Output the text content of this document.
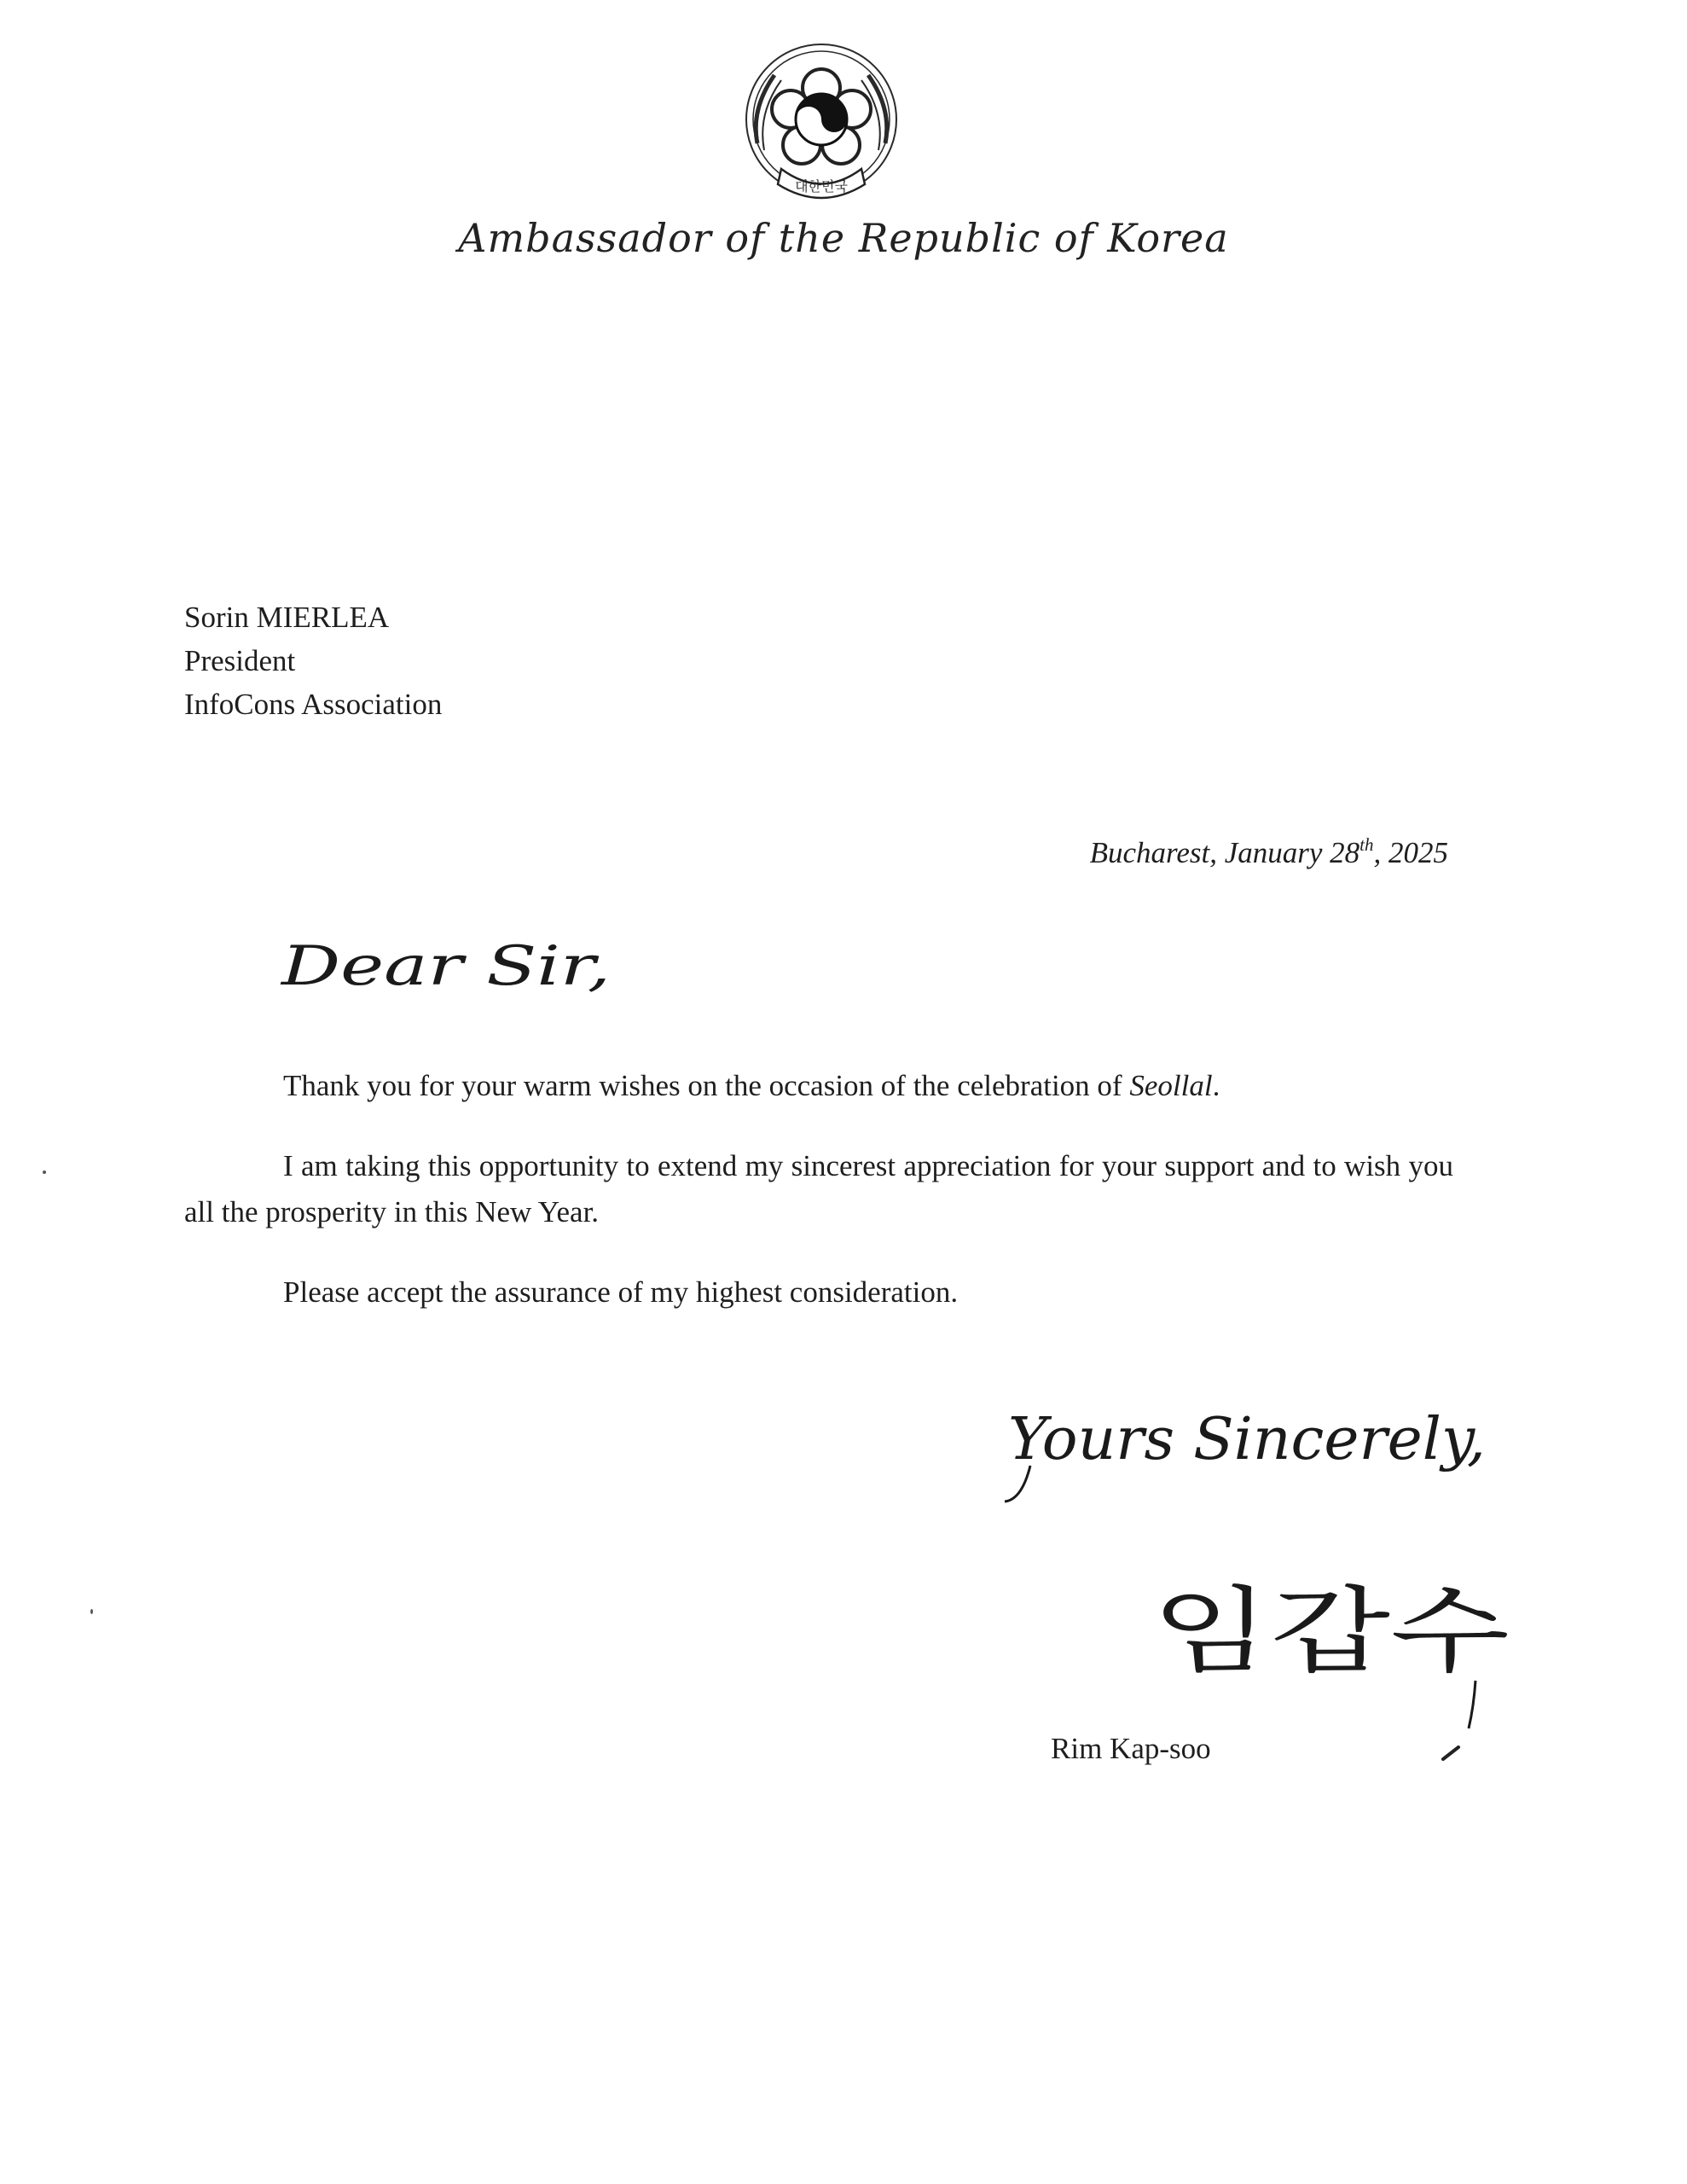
대한민국
Ambassador of the Republic of Korea
Sorin MIERLEA
President
InfoCons Association
Bucharest, January 28th, 2025
Dear Sir,
Thank you for your warm wishes on the occasion of the celebration of Seollal.
I am taking this opportunity to extend my sincerest appreciation for your support and to wish you all the prosperity in this New Year.
Please accept the assurance of my highest consideration.
Yours Sincerely,
임갑수
Rim Kap-soo
